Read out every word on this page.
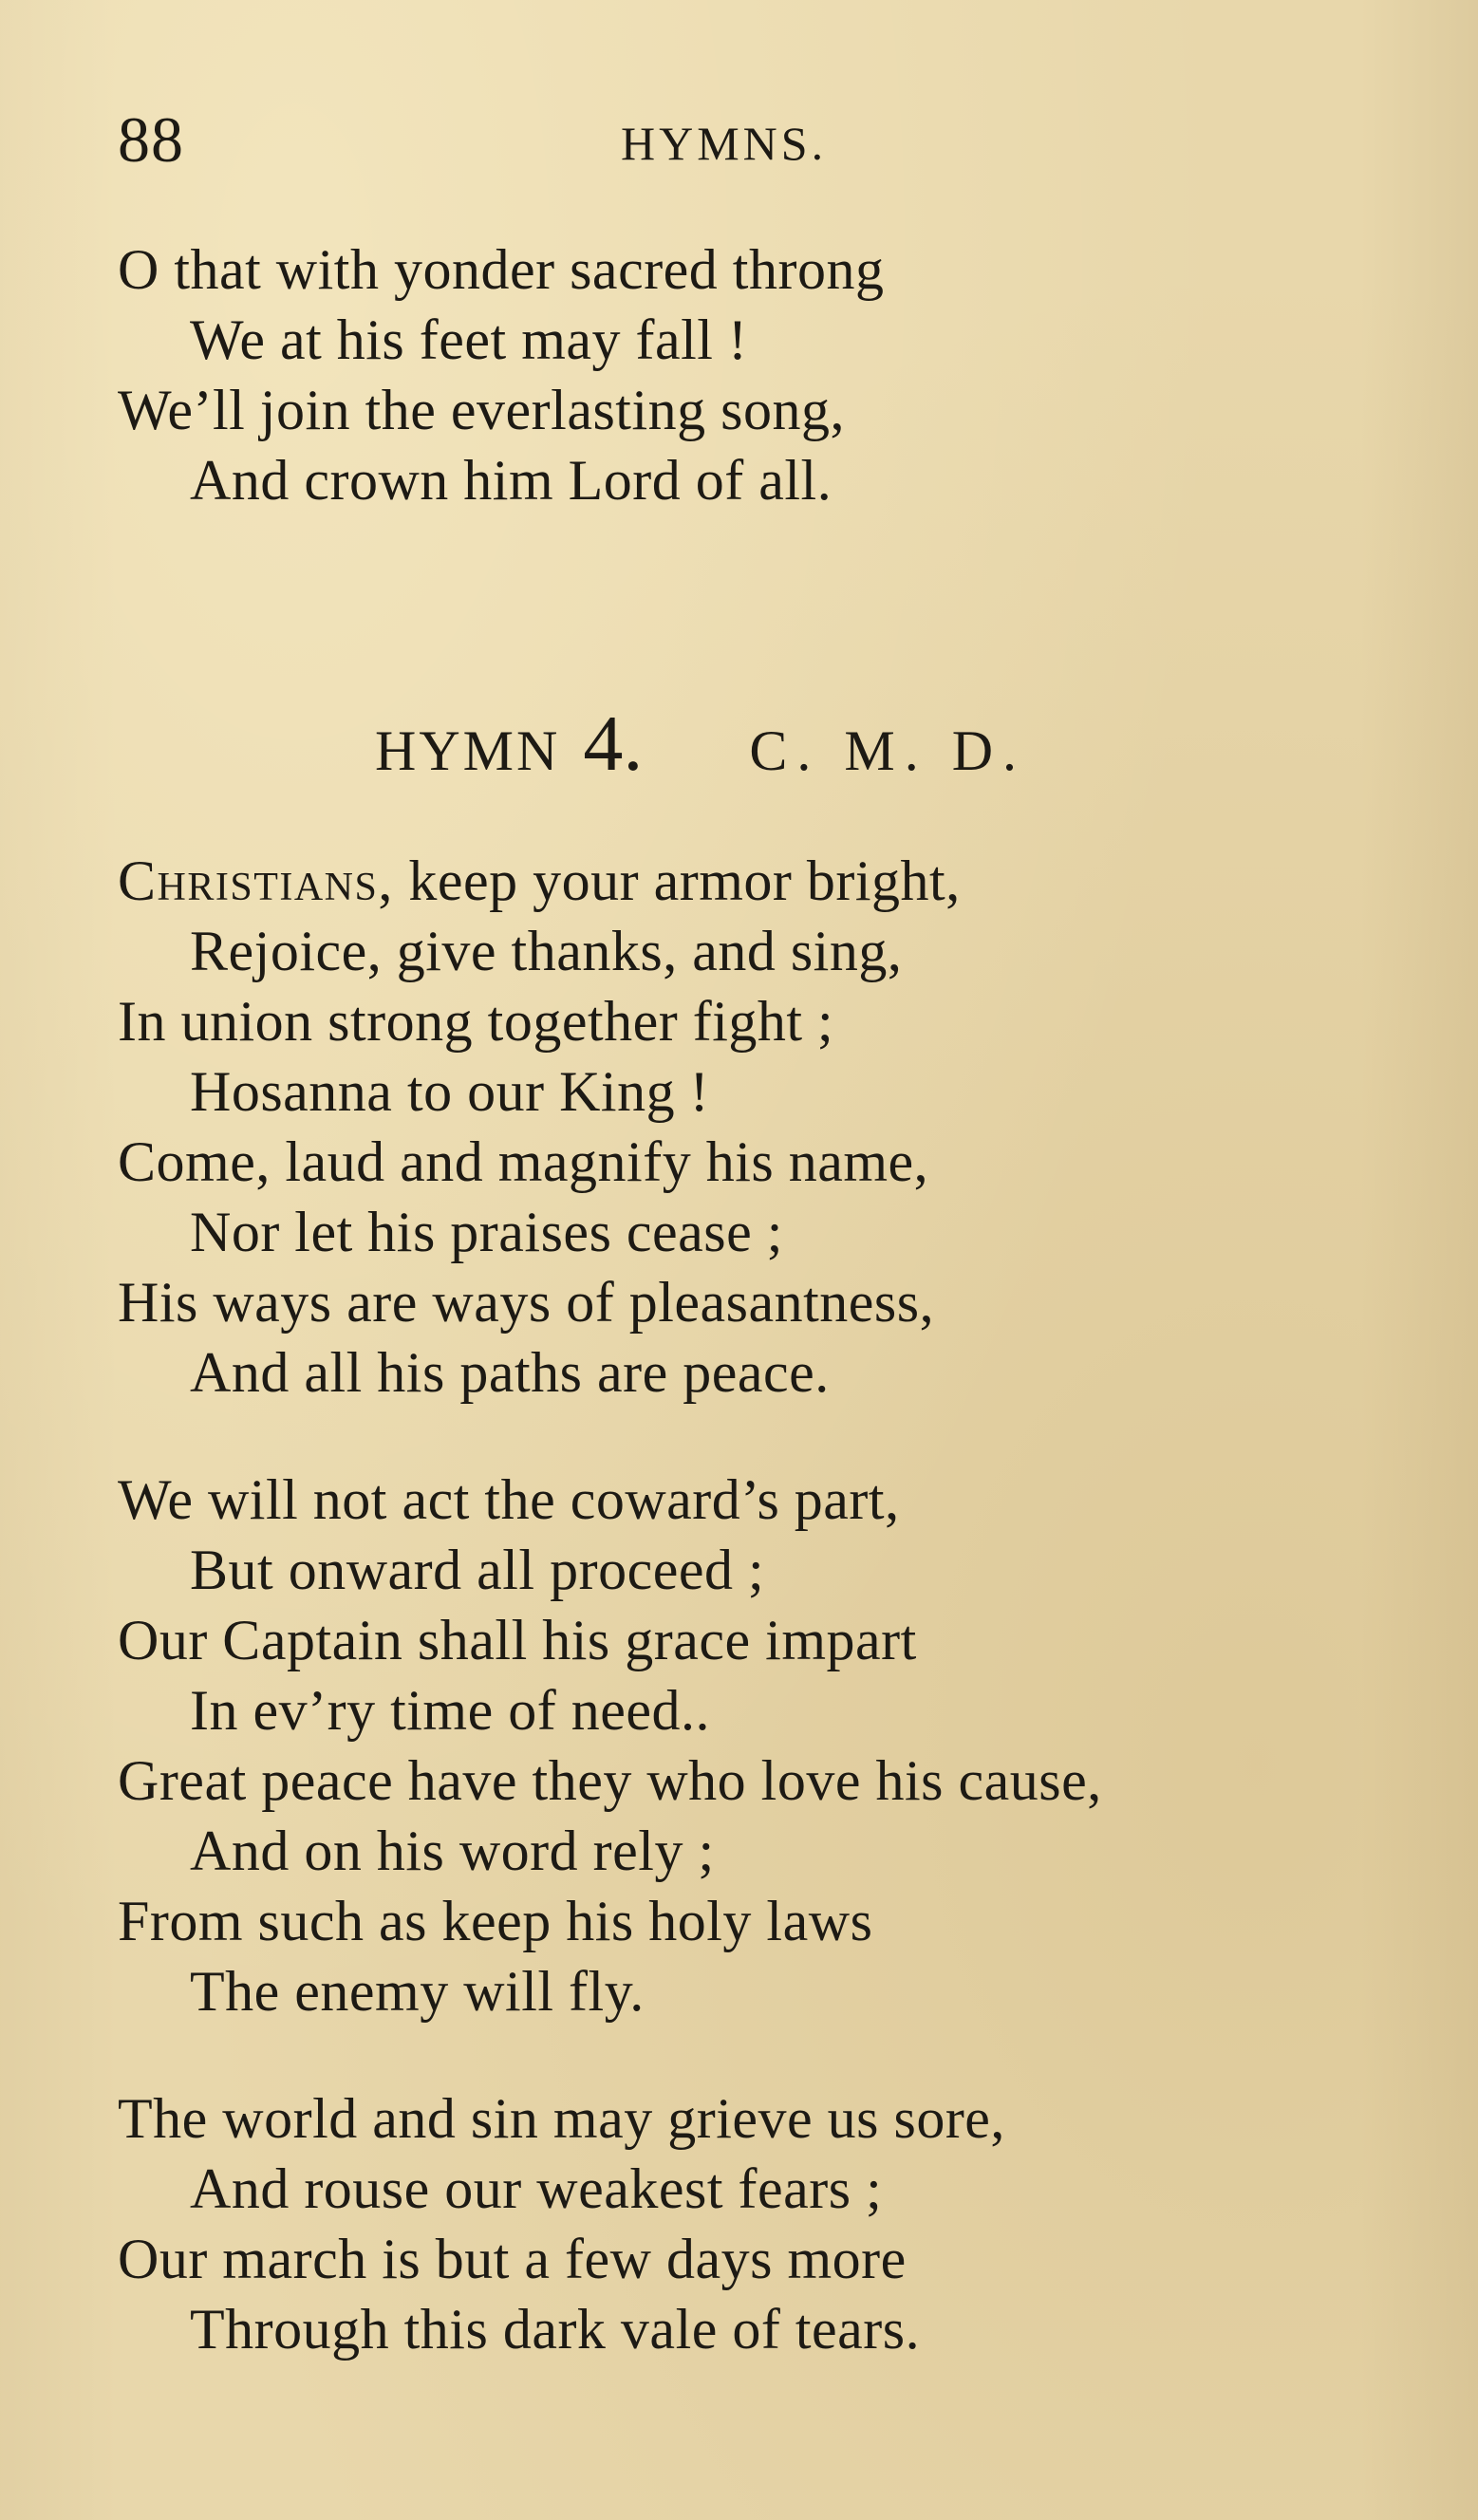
88	HYMNS.
O that with yonder sacred throng
We at his feet may fall !
We’ll join the everlasting song,
And crown him Lord of all.
HYMN 4. C. M. D.
Christians, keep your armor bright,
Rejoice, give thanks, and sing,
In union strong together fight ;
Hosanna to our King !
Come, laud and magnify his name,
Nor let his praises cease ;
His ways are ways of pleasantness,
And all his paths are peace.
We will not act the coward’s part,
But onward all proceed ;
Our Captain shall his grace impart
In ev’ry time of need..
Great peace have they who love his cause,
And on his word rely ;
From such as keep his holy laws
The enemy will fly.
The world and sin may grieve us sore,
And rouse our weakest fears ;
Our march is but a few days more
Through this dark vale of tears.
